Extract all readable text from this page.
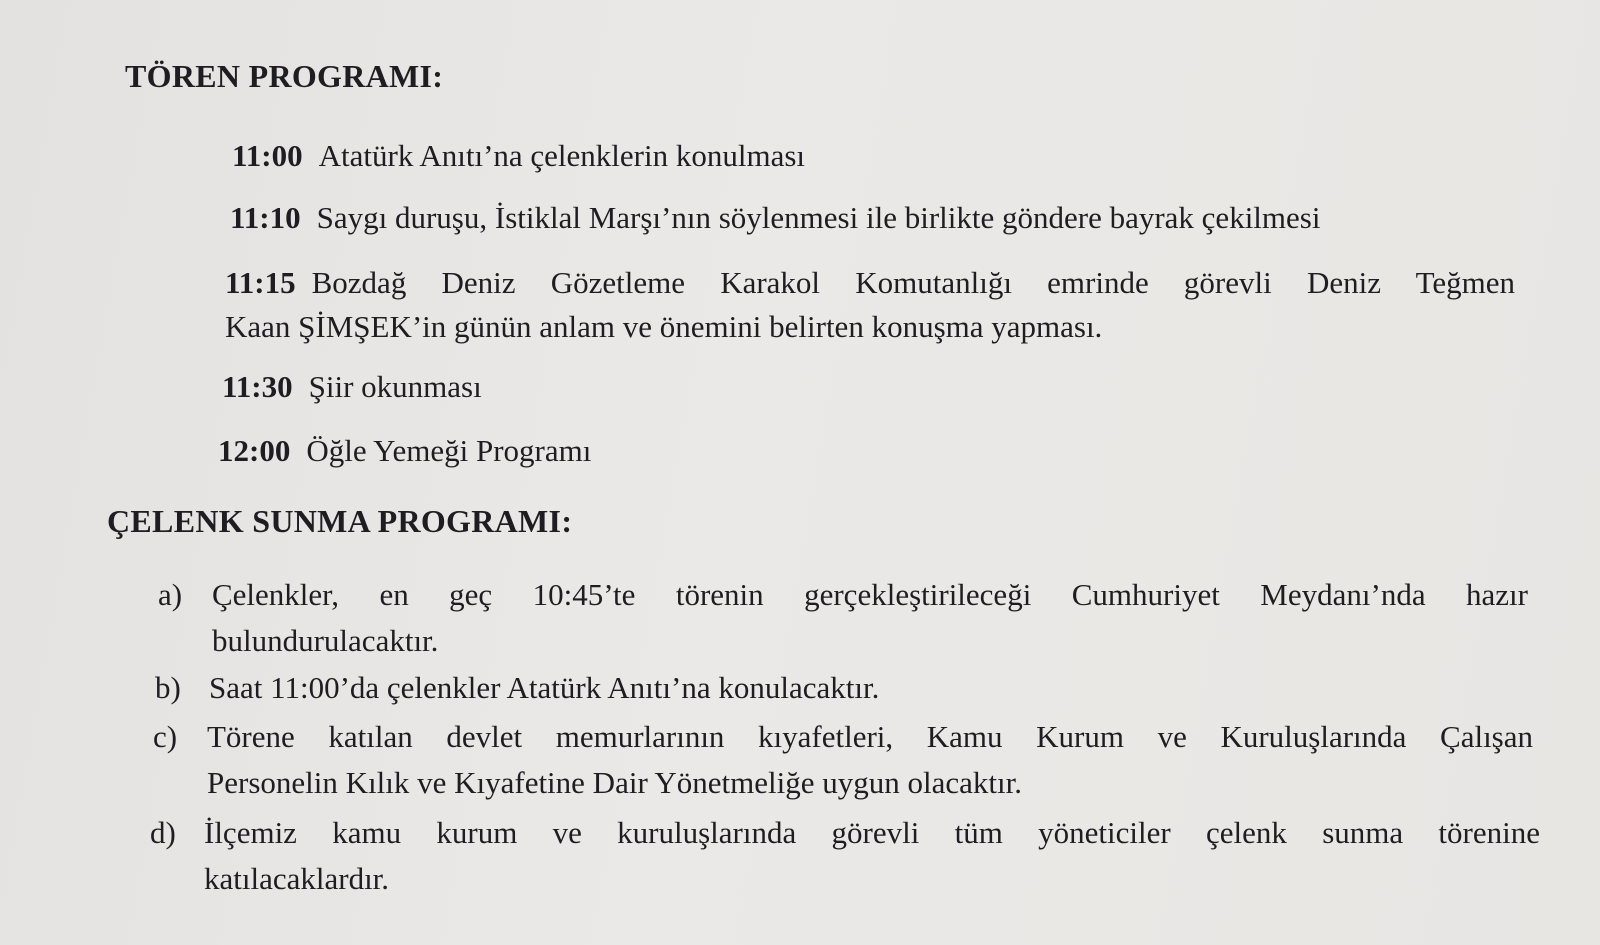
TÖREN PROGRAMI:
11:00 Atatürk Anıtı’na çelenklerin konulması
11:10 Saygı duruşu, İstiklal Marşı’nın söylenmesi ile birlikte göndere bayrak çekilmesi
11:15 Bozdağ Deniz Gözetleme Karakol Komutanlığı emrinde görevli Deniz Teğmen
Kaan ŞİMŞEK’in günün anlam ve önemini belirten konuşma yapması.
11:30 Şiir okunması
12:00 Öğle Yemeği Programı
ÇELENK SUNMA PROGRAMI:
a) Çelenkler, en geç 10:45’te törenin gerçekleştirileceği Cumhuriyet Meydanı’nda hazır
bulundurulacaktır.
b) Saat 11:00’da çelenkler Atatürk Anıtı’na konulacaktır.
c) Törene katılan devlet memurlarının kıyafetleri, Kamu Kurum ve Kuruluşlarında Çalışan
Personelin Kılık ve Kıyafetine Dair Yönetmeliğe uygun olacaktır.
d) İlçemiz kamu kurum ve kuruluşlarında görevli tüm yöneticiler çelenk sunma törenine
katılacaklardır.
